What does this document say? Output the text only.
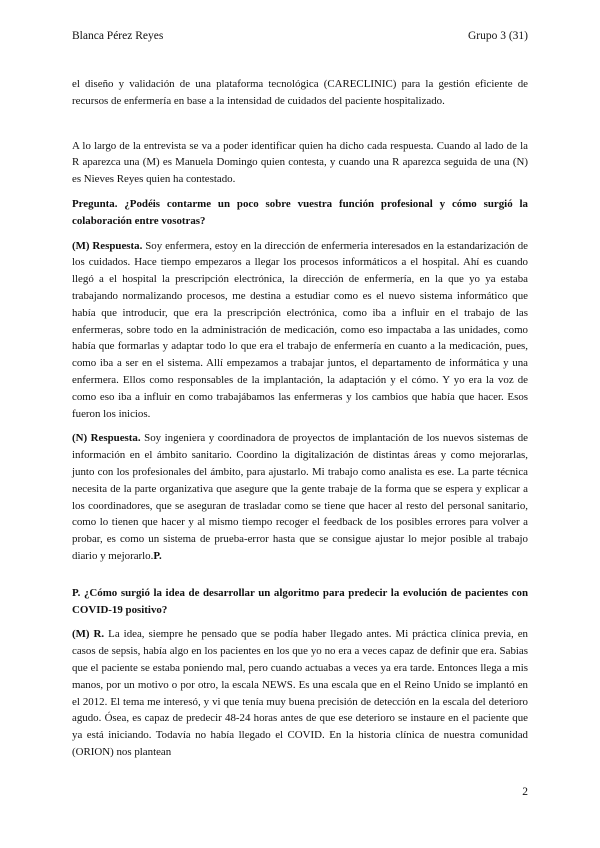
Blanca Pérez Reyes	Grupo 3 (31)

el diseño y validación de una plataforma tecnológica (CARECLINIC) para la gestión eficiente de recursos de enfermería en base a la intensidad de cuidados del paciente hospitalizado.

A lo largo de la entrevista se va a poder identificar quien ha dicho cada respuesta. Cuando al lado de la R aparezca una (M) es Manuela Domingo quien contesta, y cuando una R aparezca seguida de una (N) es Nieves Reyes quien ha contestado.

Pregunta. ¿Podéis contarme un poco sobre vuestra función profesional y cómo surgió la colaboración entre vosotras?

(M) Respuesta. Soy enfermera, estoy en la dirección de enfermeria interesados en la estandarización de los cuidados. Hace tiempo empezaros a llegar los procesos informáticos a el hospital. Ahí es cuando llegó a el hospital la prescripción electrónica, la dirección de enfermería, en la que yo ya estaba trabajando normalizando procesos, me destina a estudiar como es el nuevo sistema informático que había que introducir, que era la prescripción electrónica, como iba a influir en el trabajo de las enfermeras, sobre todo en la administración de medicación, como eso impactaba a las unidades, como había que formarlas y adaptar todo lo que era el trabajo de enfermería en cuanto a la medicación, pues, como iba a ser en el sistema. Allí empezamos a trabajar juntos, el departamento de informática y una enfermera. Ellos como responsables de la implantación, la adaptación y el cómo. Y yo era la voz de como eso iba a influir en como trabajábamos las enfermeras y los cambios que había que hacer. Esos fueron los inicios.

(N) Respuesta. Soy ingeniera y coordinadora de proyectos de implantación de los nuevos sistemas de información en el ámbito sanitario. Coordino la digitalización de distintas áreas y como mejorarlas, junto con los profesionales del ámbito, para ajustarlo. Mi trabajo como analista es ese. La parte técnica necesita de la parte organizativa que asegure que la gente trabaje de la forma que se espera y explicar a los coordinadores, que se aseguran de trasladar como se tiene que hacer al resto del personal sanitario, como lo tienen que hacer y al mismo tiempo recoger el feedback de los posibles errores para volver a probar, es como un sistema de prueba-error hasta que se consigue ajustar lo mejor posible al trabajo diario y mejorarlo.P.

P. ¿Cómo surgió la idea de desarrollar un algoritmo para predecir la evolución de pacientes con COVID-19 positivo?

(M) R. La idea, siempre he pensado que se podía haber llegado antes. Mi práctica clínica previa, en casos de sepsis, había algo en los pacientes en los que yo no era a veces capaz de definir que era. Sabias que el paciente se estaba poniendo mal, pero cuando actuabas a veces ya era tarde. Entonces llega a mis manos, por un motivo o por otro, la escala NEWS. Es una escala que en el Reino Unido se implantó en el 2012. El tema me interesó, y vi que tenía muy buena precisión de detección en la escala del deterioro agudo. Ósea, es capaz de predecir 48-24 horas antes de que ese deterioro se instaure en el paciente que ya está iniciando. Todavía no había llegado el COVID. En la historia clínica de nuestra comunidad (ORION) nos plantean

2
